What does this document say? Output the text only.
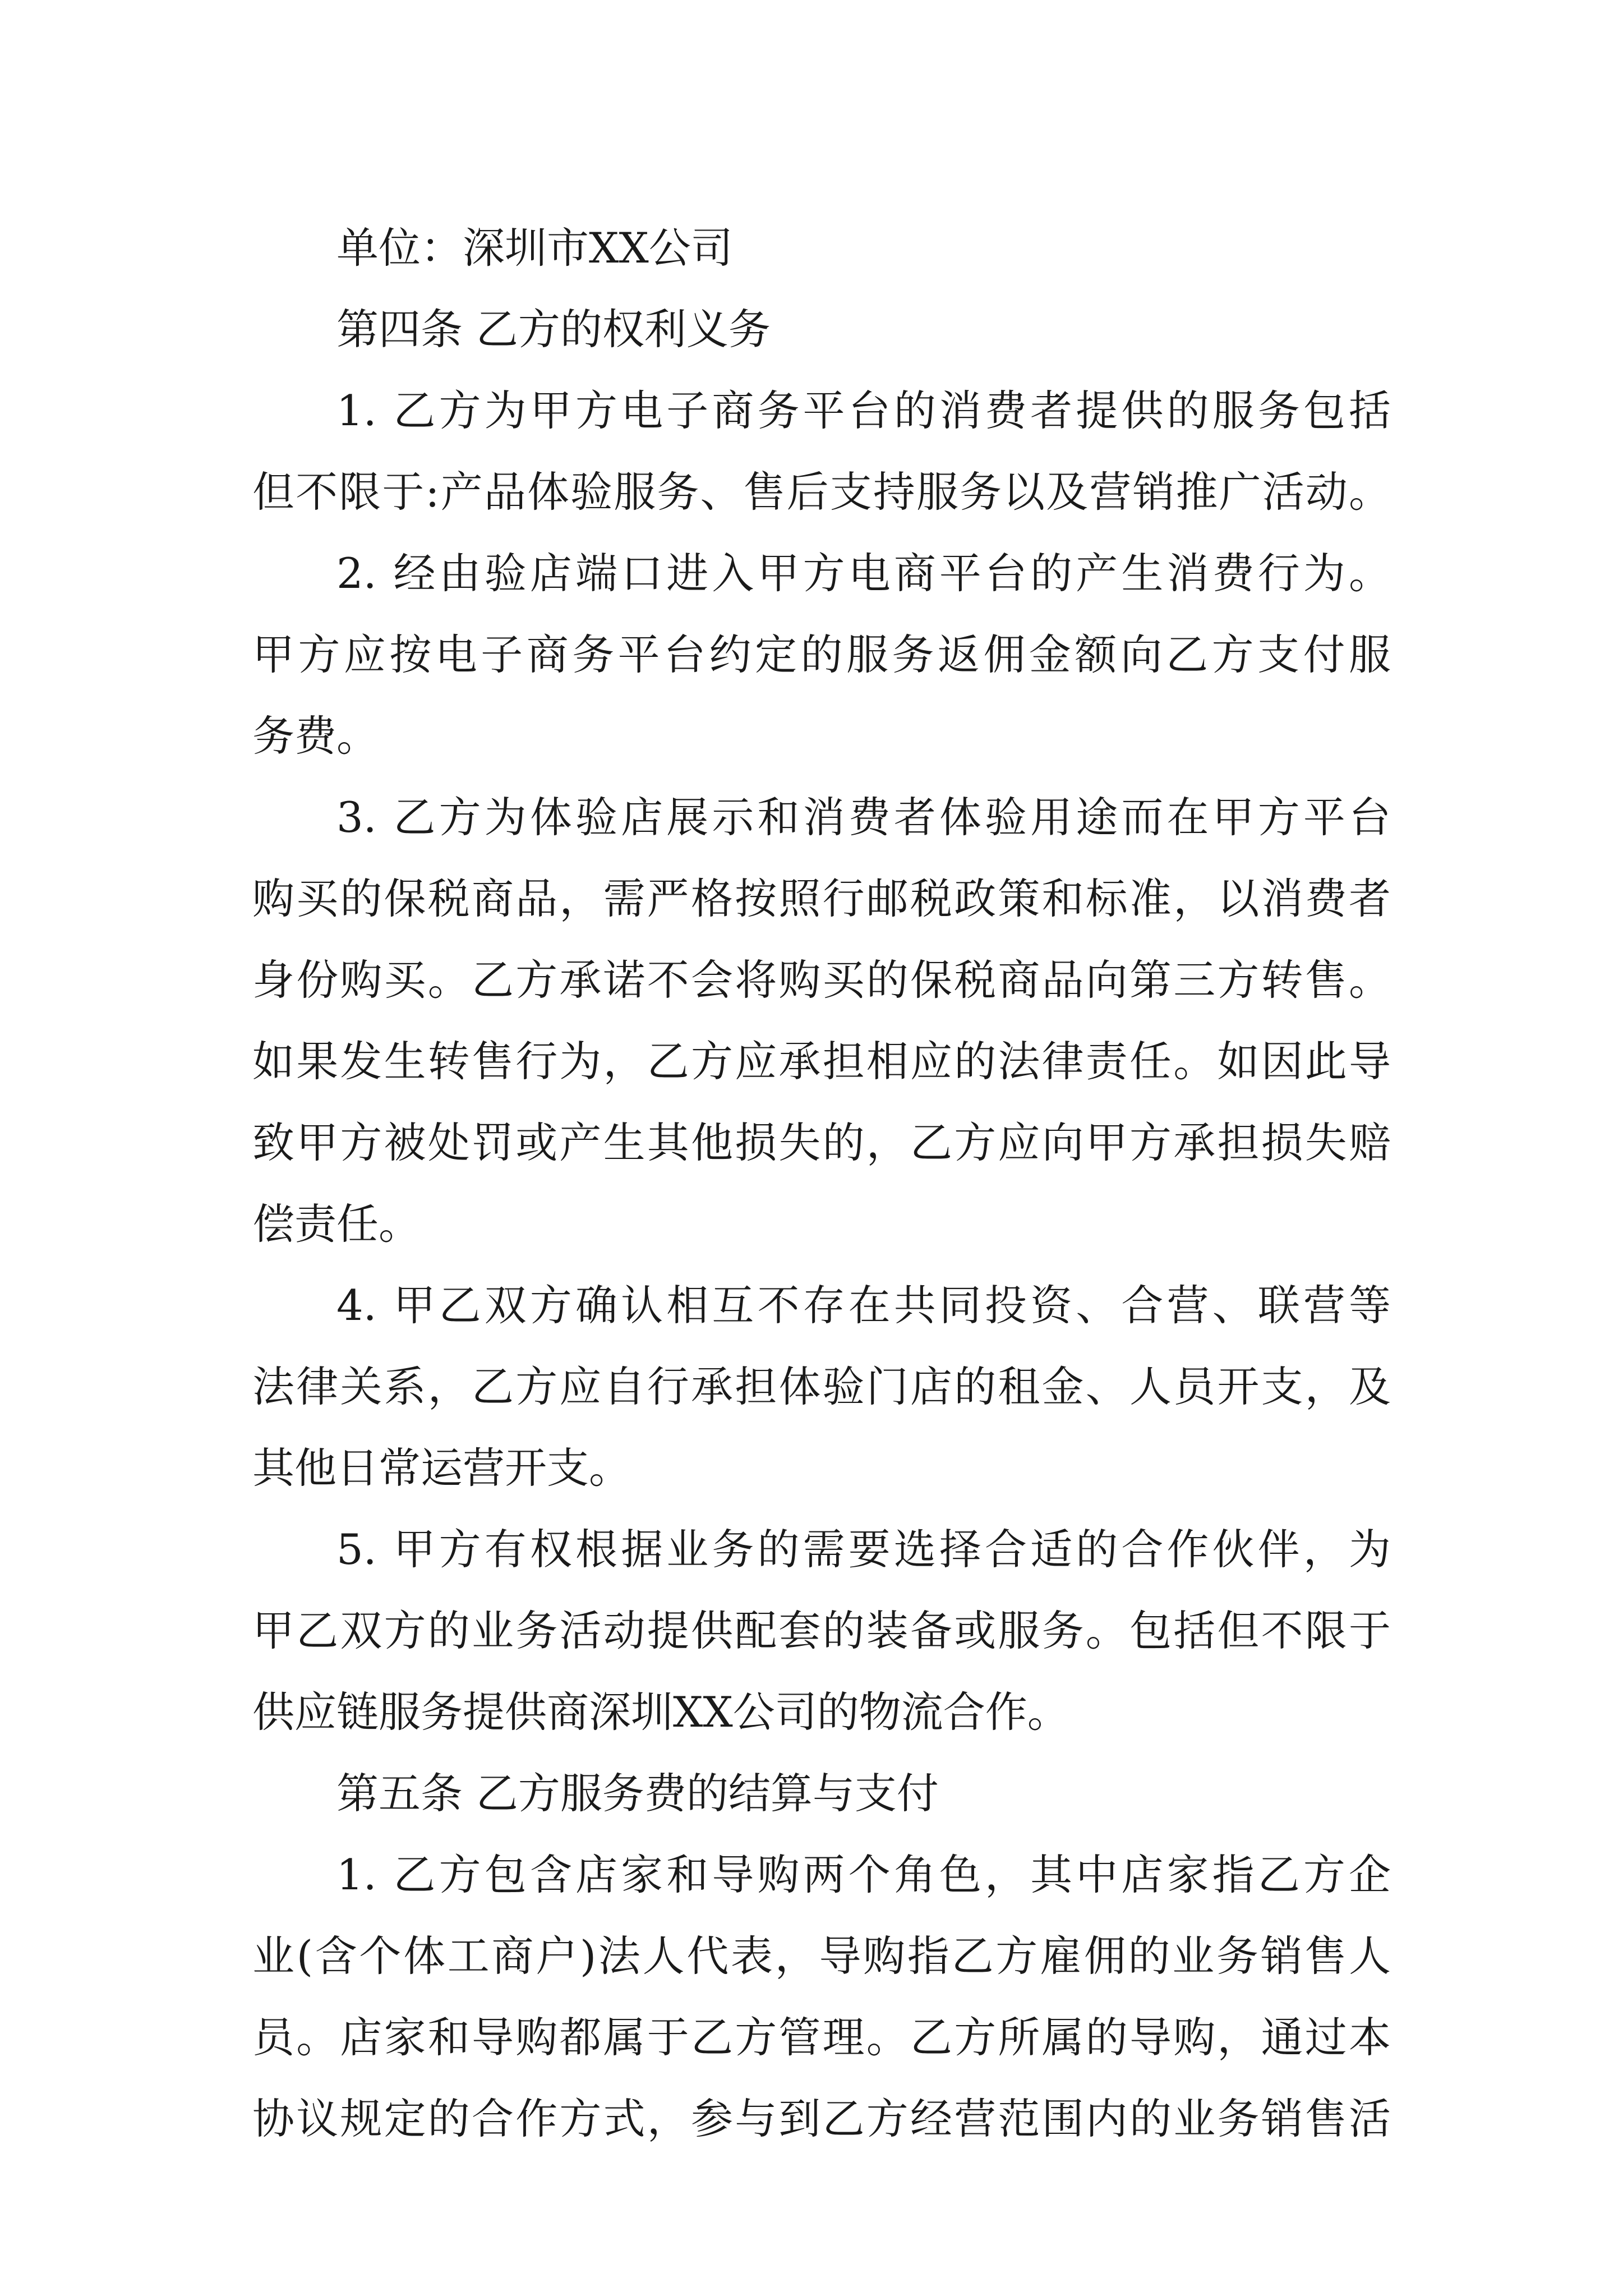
单位：深圳市XX公司
第四条 乙方的权利义务
1. 乙方为甲方电子商务平台的消费者提供的服务包括
但不限于:产品体验服务、售后支持服务以及营销推广活动。
2. 经由验店端口进入甲方电商平台的产生消费行为。
甲方应按电子商务平台约定的服务返佣金额向乙方支付服
务费。
3. 乙方为体验店展示和消费者体验用途而在甲方平台
购买的保税商品，需严格按照行邮税政策和标准，以消费者
身份购买。乙方承诺不会将购买的保税商品向第三方转售。
如果发生转售行为，乙方应承担相应的法律责任。如因此导
致甲方被处罚或产生其他损失的，乙方应向甲方承担损失赔
偿责任。
4. 甲乙双方确认相互不存在共同投资、合营、联营等
法律关系，乙方应自行承担体验门店的租金、人员开支，及
其他日常运营开支。
5. 甲方有权根据业务的需要选择合适的合作伙伴，为
甲乙双方的业务活动提供配套的装备或服务。包括但不限于
供应链服务提供商深圳XX公司的物流合作。
第五条 乙方服务费的结算与支付
1. 乙方包含店家和导购两个角色，其中店家指乙方企
业(含个体工商户)法人代表，导购指乙方雇佣的业务销售人
员。店家和导购都属于乙方管理。乙方所属的导购，通过本
协议规定的合作方式，参与到乙方经营范围内的业务销售活
